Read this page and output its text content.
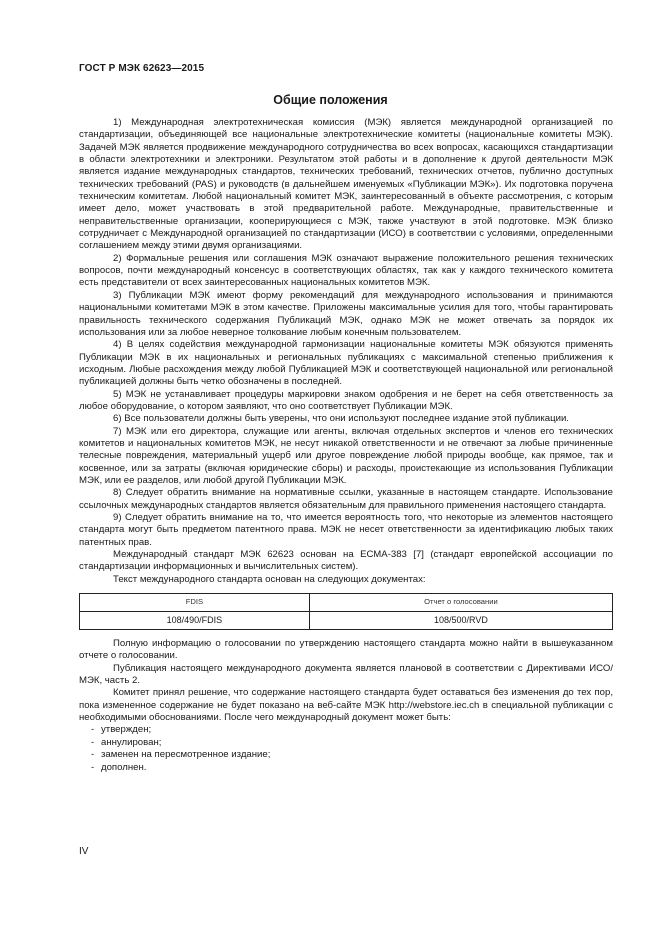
ГОСТ Р МЭК 62623—2015
Общие положения

1) Международная электротехническая комиссия (МЭК) является международной организацией по стандартизации, объединяющей все национальные электротехнические комитеты (национальные комитеты МЭК). Задачей МЭК является продвижение международного сотрудничества во всех вопросах, касающихся стандартизации в области электротехники и электроники. Результатом этой работы и в дополнение к другой деятельности МЭК является издание международных стандартов, технических требований, технических отчетов, публично доступных технических требований (PAS) и руководств (в дальнейшем именуемых «Публикации МЭК»). Их подготовка поручена техническим комитетам. Любой национальный комитет МЭК, заинтересованный в объекте рассмотрения, с которым имеет дело, может участвовать в этой предварительной работе. Международные, правительственные и неправительственные организации, кооперирующиеся с МЭК, также участвуют в этой подготовке. МЭК близко сотрудничает с Международной организацией по стандартизации (ИСО) в соответствии с условиями, определенными соглашением между этими двумя организациями.

2) Формальные решения или соглашения МЭК означают выражение положительного решения технических вопросов, почти международный консенсус в соответствующих областях, так как у каждого технического комитета есть представители от всех заинтересованных национальных комитетов МЭК.

3) Публикации МЭК имеют форму рекомендаций для международного использования и принимаются национальными комитетами МЭК в этом качестве. Приложены максимальные усилия для того, чтобы гарантировать правильность технического содержания Публикаций МЭК, однако МЭК не может отвечать за порядок их использования или за любое неверное толкование любым конечным пользователем.

4) В целях содействия международной гармонизации национальные комитеты МЭК обязуются применять Публикации МЭК в их национальных и региональных публикациях с максимальной степенью приближения к исходным. Любые расхождения между любой Публикацией МЭК и соответствующей национальной или региональной публикацией должны быть четко обозначены в последней.

5) МЭК не устанавливает процедуры маркировки знаком одобрения и не берет на себя ответственность за любое оборудование, о котором заявляют, что оно соответствует Публикации МЭК.

6) Все пользователи должны быть уверены, что они используют последнее издание этой публикации.

7) МЭК или его директора, служащие или агенты, включая отдельных экспертов и членов его технических комитетов и национальных комитетов МЭК, не несут никакой ответственности и не отвечают за любые причиненные телесные повреждения, материальный ущерб или другое повреждение любой природы вообще, как прямое, так и косвенное, или за затраты (включая юридические сборы) и расходы, проистекающие из использования Публикации МЭК, или ее разделов, или любой другой Публикации МЭК.

8) Следует обратить внимание на нормативные ссылки, указанные в настоящем стандарте. Использование ссылочных международных стандартов является обязательным для правильного применения настоящего стандарта.

9) Следует обратить внимание на то, что имеется вероятность того, что некоторые из элементов настоящего стандарта могут быть предметом патентного права. МЭК не несет ответственности за идентификацию любых таких патентных прав.

Международный стандарт МЭК 62623 основан на ЕСМА-383 [7] (стандарт европейской ассоциации по стандартизации информационных и вычислительных систем).

Текст международного стандарта основан на следующих документах:

FDIS	Отчет о голосовании
108/490/FDIS	108/500/RVD

Полную информацию о голосовании по утверждению настоящего стандарта можно найти в вышеуказанном отчете о голосовании.

Публикация настоящего международного документа является плановой в соответствии с Директивами ИСО/МЭК, часть 2.

Комитет принял решение, что содержание настоящего стандарта будет оставаться без изменения до тех пор, пока измененное содержание не будет показано на веб-сайте МЭК http://webstore.iec.ch в специальной публикации с необходимыми обоснованиями. После чего международный документ может быть:

- утвержден;
- аннулирован;
- заменен на пересмотренное издание;
- дополнен.
IV
